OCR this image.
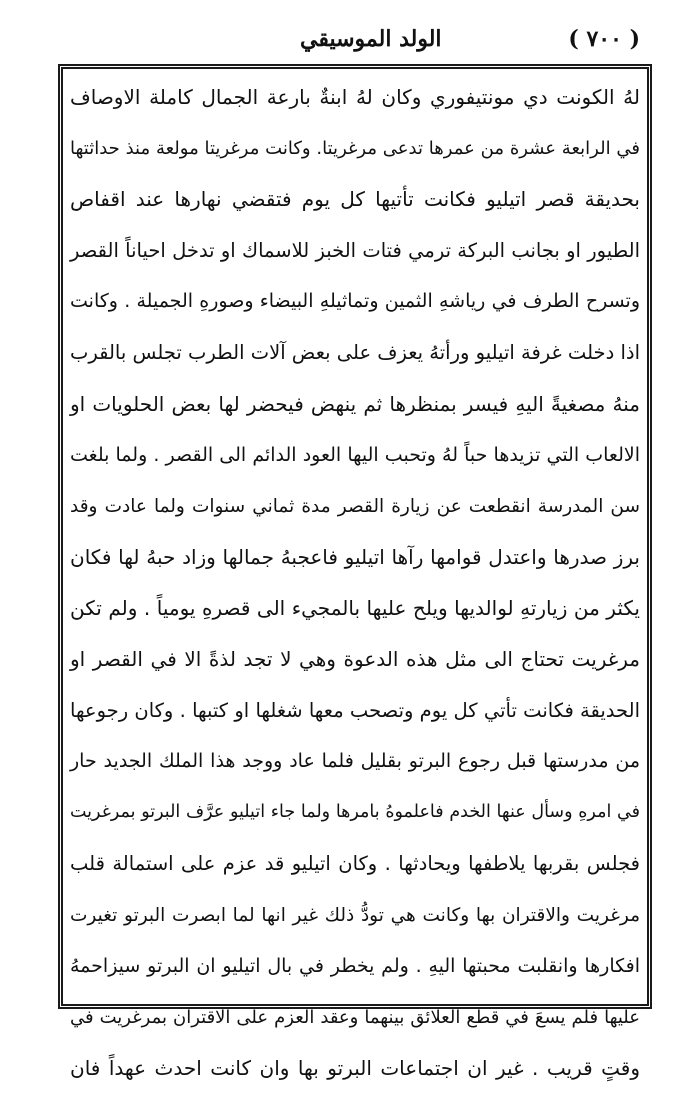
( ٧٠٠ )
الولد الموسيقي
لهُ الكونت دي مونتيفوري وكان لهُ ابنةٌ بارعة الجمال كاملة الاوصاف
في الرابعة عشرة من عمرها تدعى مرغريتا. وكانت مرغريتا مولعة منذ حداثتها
بحديقة قصر اتيليو فكانت تأتيها كل يوم فتقضي نهارها عند اقفاص
الطيور او بجانب البركة ترمي فتات الخبز للاسماك او تدخل احياناً القصر
وتسرح الطرف في رياشهِ الثمين وتماثيلهِ البيضاء وصورهِ الجميلة . وكانت
اذا دخلت غرفة اتيليو ورأتهُ يعزف على بعض آلات الطرب تجلس بالقرب
منهُ مصغيةً اليهِ فيسر بمنظرها ثم ينهض فيحضر لها بعض الحلويات او
الالعاب التي تزيدها حباً لهُ وتحبب اليها العود الدائم الى القصر . ولما بلغت
سن المدرسة انقطعت عن زيارة القصر مدة ثماني سنوات ولما عادت وقد
برز صدرها واعتدل قوامها رآها اتيليو فاعجبهُ جمالها وزاد حبهُ لها فكان
يكثر من زيارتهِ لوالديها ويلح عليها بالمجيء الى قصرهِ يومياً . ولم تكن
مرغريت تحتاج الى مثل هذه الدعوة وهي لا تجد لذةً الا في القصر او
الحديقة فكانت تأتي كل يوم وتصحب معها شغلها او كتبها . وكان رجوعها
من مدرستها قبل رجوع البرتو بقليل فلما عاد ووجد هذا الملك الجديد حار
في امرهِ وسأل عنها الخدم فاعلموهُ بامرها ولما جاء اتيليو عرَّف البرتو بمرغريت
فجلس بقربها يلاطفها ويحادثها . وكان اتيليو قد عزم على استمالة قلب
مرغريت والاقتران بها وكانت هي تودُّ ذلك غير انها لما ابصرت البرتو تغيرت
افكارها وانقلبت محبتها اليهِ . ولم يخطر في بال اتيليو ان البرتو سيزاحمهُ
عليها فلم يسعَ في قطع العلائق بينهما وعقد العزم على الاقتران بمرغريت في
وقتٍ قريب . غير ان اجتماعات البرتو بها وان كانت احدث عهداً فان
